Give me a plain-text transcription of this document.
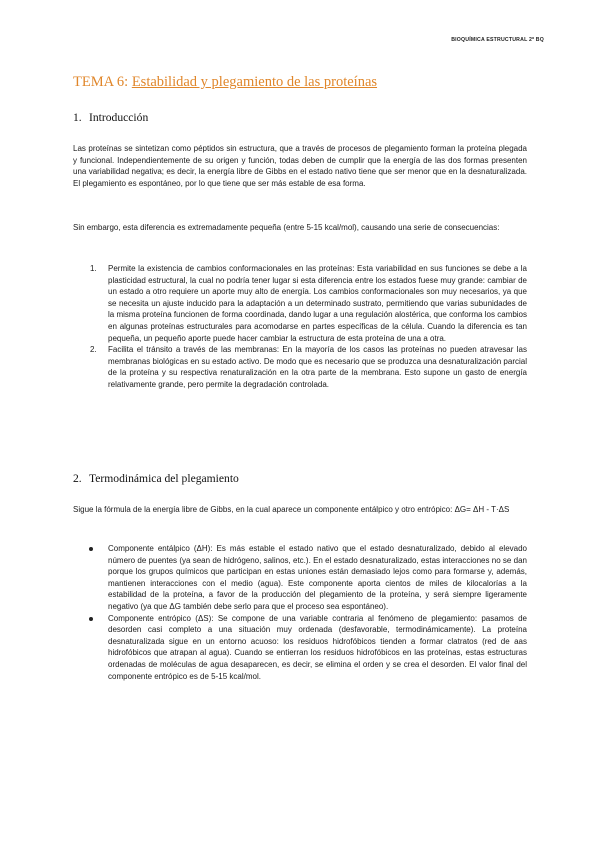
BIOQUÍMICA ESTRUCTURAL 2º BQ
TEMA 6: Estabilidad y plegamiento de las proteínas
1. Introducción

Las proteínas se sintetizan como péptidos sin estructura, que a través de procesos de plegamiento forman la proteína plegada y funcional. Independientemente de su origen y función, todas deben de cumplir que la energía de las dos formas presenten una variabilidad negativa; es decir, la energía libre de Gibbs en el estado nativo tiene que ser menor que en la desnaturalizada. El plegamiento es espontáneo, por lo que tiene que ser más estable de esa forma.

Sin embargo, esta diferencia es extremadamente pequeña (entre 5-15 kcal/mol), causando una serie de consecuencias:

1. Permite la existencia de cambios conformacionales en las proteínas: Esta variabilidad en sus funciones se debe a la plasticidad estructural, la cual no podría tener lugar si esta diferencia entre los estados fuese muy grande: cambiar de un estado a otro requiere un aporte muy alto de energía. Los cambios conformacionales son muy necesarios, ya que se necesita un ajuste inducido para la adaptación a un determinado sustrato, permitiendo que varias subunidades de la misma proteína funcionen de forma coordinada, dando lugar a una regulación alostérica, que conforma los cambios en algunas proteínas estructurales para acomodarse en partes específicas de la célula. Cuando la diferencia es tan pequeña, un pequeño aporte puede hacer cambiar la estructura de esta proteína de una a otra.
2. Facilita el tránsito a través de las membranas: En la mayoría de los casos las proteínas no pueden atravesar las membranas biológicas en su estado activo. De modo que es necesario que se produzca una desnaturalización parcial de la proteína y su respectiva renaturalización en la otra parte de la membrana. Esto supone un gasto de energía relativamente grande, pero permite la degradación controlada.
2. Termodinámica del plegamiento

Sigue la fórmula de la energía libre de Gibbs, en la cual aparece un componente entálpico y otro entrópico: ΔG= ΔH - T·ΔS

Componente entálpico (ΔH): Es más estable el estado nativo que el estado desnaturalizado, debido al elevado número de puentes (ya sean de hidrógeno, salinos, etc.). En el estado desnaturalizado, estas interacciones no se dan porque los grupos químicos que participan en estas uniones están demasiado lejos como para formarse y, además, mantienen interacciones con el medio (agua). Este componente aporta cientos de miles de kilocalorías a la estabilidad de la proteína, a favor de la producción del plegamiento de la proteína, y será siempre ligeramente negativo (ya que ΔG también debe serlo para que el proceso sea espontáneo).
Componente entrópico (ΔS): Se compone de una variable contraria al fenómeno de plegamiento: pasamos de desorden casi completo a una situación muy ordenada (desfavorable, termodinámicamente). La proteína desnaturalizada sigue en un entorno acuoso: los residuos hidrofóbicos tienden a formar clatratos (red de aas hidrofóbicos que atrapan al agua). Cuando se entierran los residuos hidrofóbicos en las proteínas, estas estructuras ordenadas de moléculas de agua desaparecen, es decir, se elimina el orden y se crea el desorden. El valor final del componente entrópico es de 5-15 kcal/mol.
